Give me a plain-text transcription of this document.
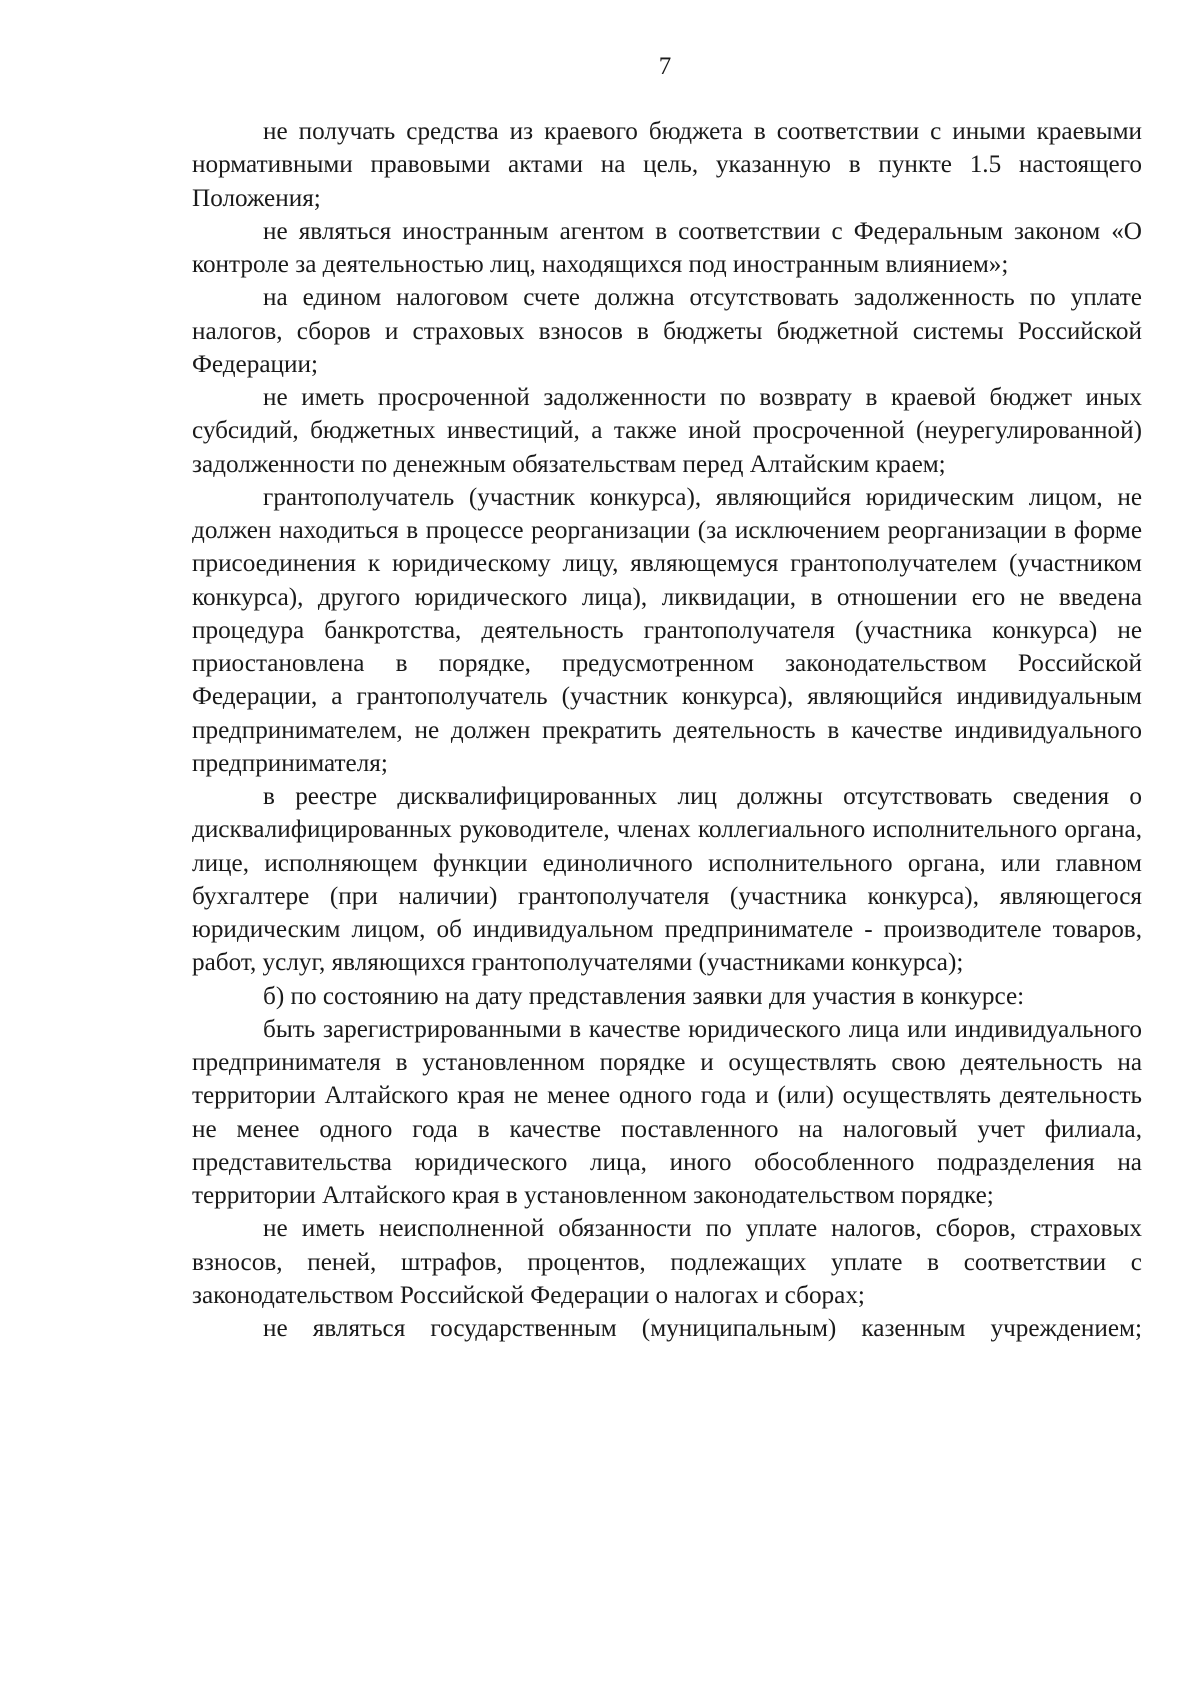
7

не получать средства из краевого бюджета в соответствии с иными краевыми нормативными правовыми актами на цель, указанную в пункте 1.5 настоящего Положения;

не являться иностранным агентом в соответствии с Федеральным законом «О контроле за деятельностью лиц, находящихся под иностранным влиянием»;

на едином налоговом счете должна отсутствовать задолженность по уплате налогов, сборов и страховых взносов в бюджеты бюджетной системы Российской Федерации;

не иметь просроченной задолженности по возврату в краевой бюджет иных субсидий, бюджетных инвестиций, а также иной просроченной (неурегулированной) задолженности по денежным обязательствам перед Алтайским краем;

грантополучатель (участник конкурса), являющийся юридическим лицом, не должен находиться в процессе реорганизации (за исключением реорганизации в форме присоединения к юридическому лицу, являющемуся грантополучателем (участником конкурса), другого юридического лица), ликвидации, в отношении его не введена процедура банкротства, деятельность грантополучателя (участника конкурса) не приостановлена в порядке, предусмотренном законодательством Российской Федерации, а грантополучатель (участник конкурса), являющийся индивидуальным предпринимателем, не должен прекратить деятельность в качестве индивидуального предпринимателя;

в реестре дисквалифицированных лиц должны отсутствовать сведения о дисквалифицированных руководителе, членах коллегиального исполнительного органа, лице, исполняющем функции единоличного исполнительного органа, или главном бухгалтере (при наличии) грантополучателя (участника конкурса), являющегося юридическим лицом, об индивидуальном предпринимателе - производителе товаров, работ, услуг, являющихся грантополучателями (участниками конкурса);

б) по состоянию на дату представления заявки для участия в конкурсе:

быть зарегистрированными в качестве юридического лица или индивидуального предпринимателя в установленном порядке и осуществлять свою деятельность на территории Алтайского края не менее одного года и (или) осуществлять деятельность не менее одного года в качестве поставленного на налоговый учет филиала, представительства юридического лица, иного обособленного подразделения на территории Алтайского края в установленном законодательством порядке;

не иметь неисполненной обязанности по уплате налогов, сборов, страховых взносов, пеней, штрафов, процентов, подлежащих уплате в соответствии с законодательством Российской Федерации о налогах и сборах;

не являться государственным (муниципальным) казенным учреждением;
